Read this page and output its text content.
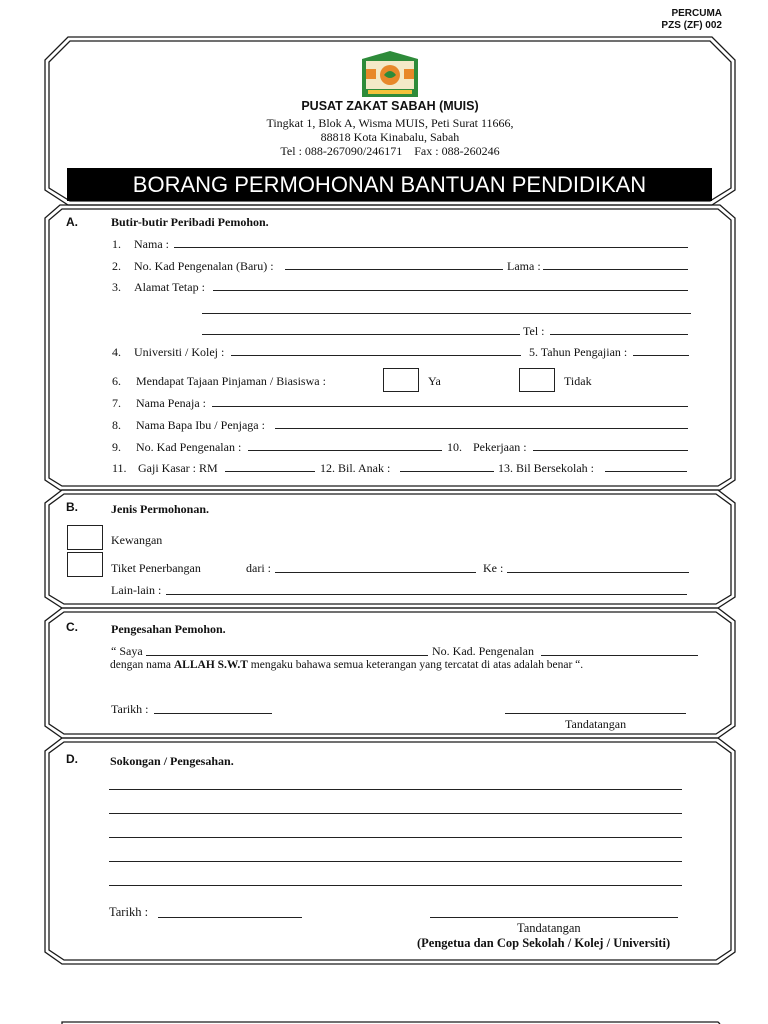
PERCUMA
PZS (ZF) 002
PUSAT ZAKAT SABAH (MUIS)
Tingkat 1, Blok A, Wisma MUIS, Peti Surat 11666,
88818 Kota Kinabalu, Sabah
Tel : 088-267090/246171    Fax : 088-260246
BORANG PERMOHONAN BANTUAN PENDIDIKAN
A.	Butir-butir Peribadi Pemohon.
1. Nama :
2. No. Kad Pengenalan (Baru) :	Lama :
3. Alamat Tetap :
Tel :
4. Universiti / Kolej :	5. Tahun Pengajian :
6. Mendapat Tajaan Pinjaman / Biasiswa :	Ya	Tidak
7. Nama Penaja :
8. Nama Bapa Ibu / Penjaga :
9. No. Kad Pengenalan :	10. Pekerjaan :
11. Gaji Kasar : RM	12. Bil. Anak :	13. Bil Bersekolah :
B.	Jenis Permohonan.
Kewangan
Tiket Penerbangan	dari :	Ke :
Lain-lain :
C.	Pengesahan Pemohon.
“ Saya	No. Kad. Pengenalan
dengan nama ALLAH S.W.T mengaku bahawa semua keterangan yang tercatat di atas adalah benar “.
Tarikh :
Tandatangan
D.	Sokongan / Pengesahan.
Tarikh :
Tandatangan
(Pengetua dan Cop Sekolah / Kolej / Universiti)
